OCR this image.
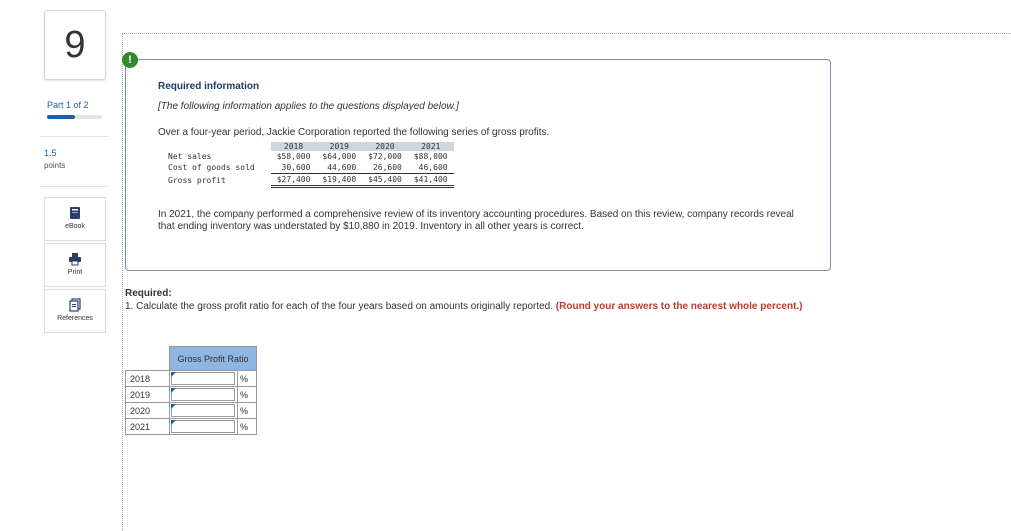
9
Part 1 of 2
1.5
points
eBook
Print
References
Required information
[The following information applies to the questions displayed below.]
Over a four-year period, Jackie Corporation reported the following series of gross profits.
	2018	2019	2020	2021
Net sales	$58,000	$64,000	$72,000	$88,000
Cost of goods sold	30,600	44,600	26,600	46,600
Gross profit	$27,400	$19,400	$45,400	$41,400
In 2021, the company performed a comprehensive review of its inventory accounting procedures. Based on this review, company records reveal that ending inventory was understated by $10,880 in 2019. Inventory in all other years is correct.
!
Required:
1. Calculate the gross profit ratio for each of the four years based on amounts originally reported. (Round your answers to the nearest whole percent.)
	Gross Profit Ratio	
2018		%
2019		%
2020		%
2021		%
